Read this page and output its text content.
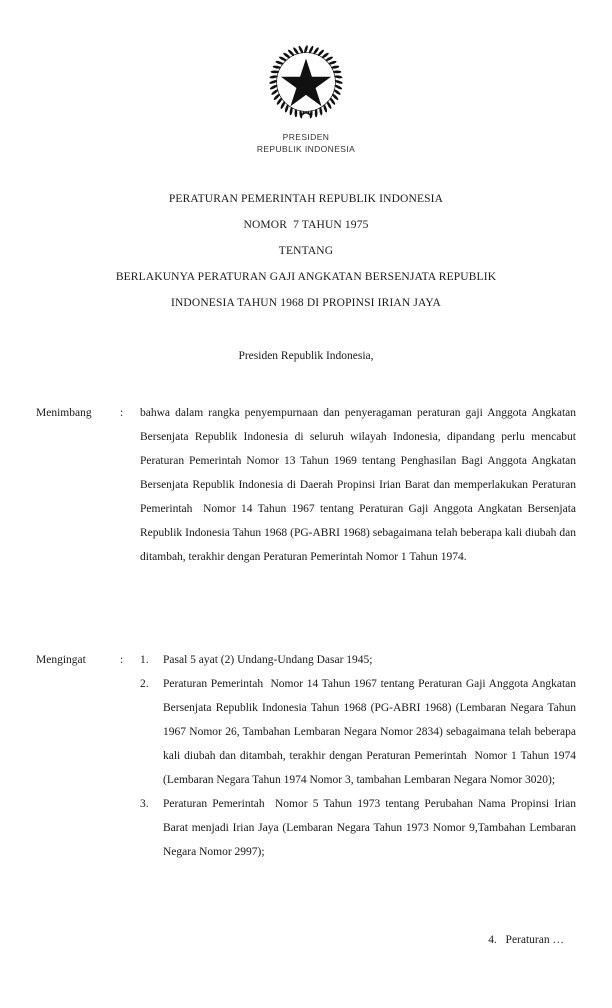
PRESIDEN
REPUBLIK INDONESIA
PERATURAN PEMERINTAH REPUBLIK INDONESIA
NOMOR  7 TAHUN 1975
TENTANG
BERLAKUNYA PERATURAN GAJI ANGKATAN BERSENJATA REPUBLIK
INDONESIA TAHUN 1968 DI PROPINSI IRIAN JAYA
Presiden Republik Indonesia,
Menimbang	:	bahwa dalam rangka penyempurnaan dan penyeragaman peraturan gaji Anggota Angkatan Bersenjata Republik Indonesia di seluruh wilayah Indonesia, dipandang perlu mencabut Peraturan Pemerintah Nomor 13 Tahun 1969 tentang Penghasilan Bagi Anggota Angkatan Bersenjata Republik Indonesia di Daerah Propinsi Irian Barat dan memperlakukan Peraturan Pemerintah  Nomor 14 Tahun 1967 tentang Peraturan Gaji Anggota Angkatan Bersenjata Republik Indonesia Tahun 1968 (PG-ABRI 1968) sebagaimana telah beberapa kali diubah dan ditambah, terakhir dengan Peraturan Pemerintah Nomor 1 Tahun 1974.

Mengingat	:	1.	Pasal 5 ayat (2) Undang-Undang Dasar 1945;
2.	Peraturan Pemerintah  Nomor 14 Tahun 1967 tentang Peraturan Gaji Anggota Angkatan Bersenjata Republik Indonesia Tahun 1968 (PG-ABRI 1968) (Lembaran Negara Tahun 1967 Nomor 26, Tambahan Lembaran Negara Nomor 2834) sebagaimana telah beberapa kali diubah dan ditambah, terakhir dengan Peraturan Pemerintah  Nomor 1 Tahun 1974 (Lembaran Negara Tahun 1974 Nomor 3, tambahan Lembaran Negara Nomor 3020);
3.	Peraturan Pemerintah  Nomor 5 Tahun 1973 tentang Perubahan Nama Propinsi Irian Barat menjadi Irian Jaya (Lembaran Negara Tahun 1973 Nomor 9,Tambahan Lembaran Negara Nomor 2997);
4.   Peraturan …
